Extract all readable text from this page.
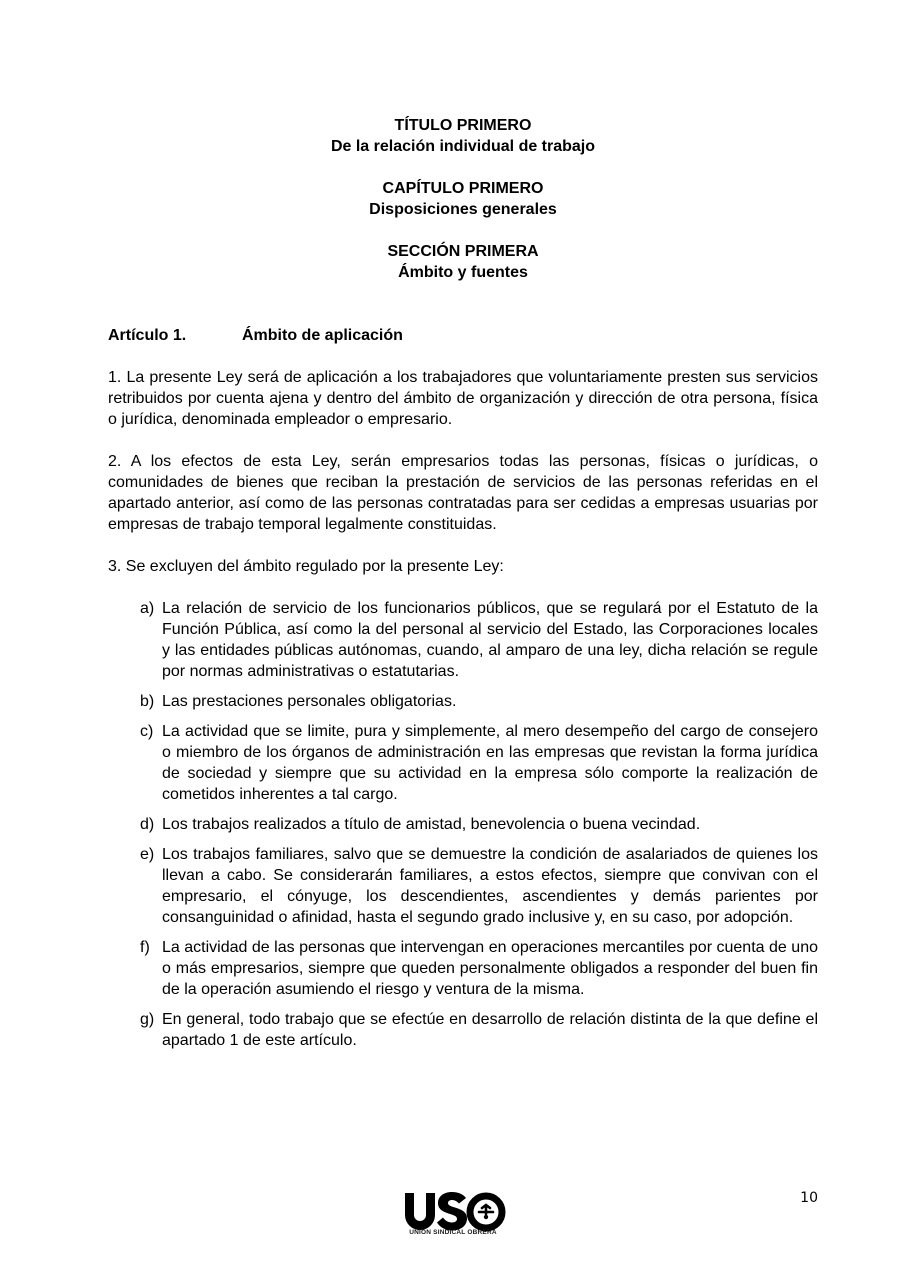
TÍTULO PRIMERO
De la relación individual de trabajo
CAPÍTULO PRIMERO
Disposiciones generales
SECCIÓN PRIMERA
Ámbito y fuentes
Artículo 1.	Ámbito de aplicación

1. La presente Ley será de aplicación a los trabajadores que voluntariamente presten sus servicios retribuidos por cuenta ajena y dentro del ámbito de organización y dirección de otra persona, física o jurídica, denominada empleador o empresario.

2. A los efectos de esta Ley, serán empresarios todas las personas, físicas o jurídicas, o comunidades de bienes que reciban la prestación de servicios de las personas referidas en el apartado anterior, así como de las personas contratadas para ser cedidas a empresas usuarias por empresas de trabajo temporal legalmente constituidas.

3. Se excluyen del ámbito regulado por la presente Ley:

a) La relación de servicio de los funcionarios públicos, que se regulará por el Estatuto de la Función Pública, así como la del personal al servicio del Estado, las Corporaciones locales y las entidades públicas autónomas, cuando, al amparo de una ley, dicha relación se regule por normas administrativas o estatutarias.
b) Las prestaciones personales obligatorias.
c) La actividad que se limite, pura y simplemente, al mero desempeño del cargo de consejero o miembro de los órganos de administración en las empresas que revistan la forma jurídica de sociedad y siempre que su actividad en la empresa sólo comporte la realización de cometidos inherentes a tal cargo.
d) Los trabajos realizados a título de amistad, benevolencia o buena vecindad.
e) Los trabajos familiares, salvo que se demuestre la condición de asalariados de quienes los llevan a cabo. Se considerarán familiares, a estos efectos, siempre que convivan con el empresario, el cónyuge, los descendientes, ascendientes y demás parientes por consanguinidad o afinidad, hasta el segundo grado inclusive y, en su caso, por adopción.
f) La actividad de las personas que intervengan en operaciones mercantiles por cuenta de uno o más empresarios, siempre que queden personalmente obligados a responder del buen fin de la operación asumiendo el riesgo y ventura de la misma.
g) En general, todo trabajo que se efectúe en desarrollo de relación distinta de la que define el apartado 1 de este artículo.
UNIÓN SINDICAL OBRERA
10
